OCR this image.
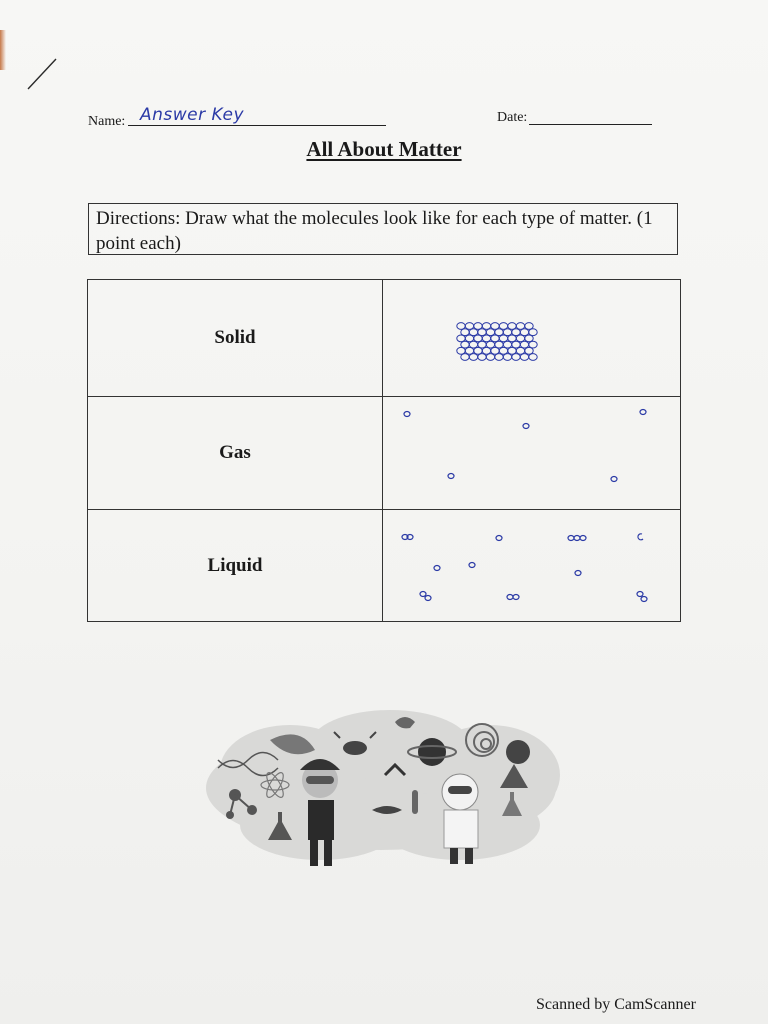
Name: Answer Key	Date:
All About Matter
Directions: Draw what the molecules look like for each type of matter. (1 point each)
Solid
Gas
Liquid
Scanned by CamScanner
